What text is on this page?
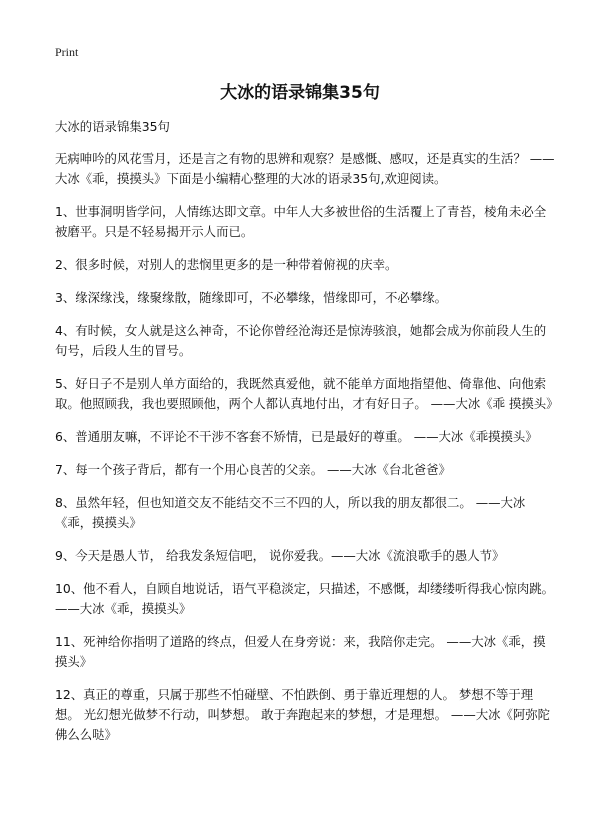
Print
大冰的语录锦集35句

大冰的语录锦集35句

无病呻吟的风花雪月，还是言之有物的思辨和观察？是感慨、感叹，还是真实的生活？ ——大冰《乖，摸摸头》下面是小编精心整理的大冰的语录35句,欢迎阅读。

1、世事洞明皆学问，人情练达即文章。中年人大多被世俗的生活覆上了青苔，棱角未必全被磨平。只是不轻易揭开示人而已。

2、很多时候，对别人的悲悯里更多的是一种带着俯视的庆幸。

3、缘深缘浅，缘聚缘散，随缘即可，不必攀缘，惜缘即可，不必攀缘。

4、有时候，女人就是这么神奇，不论你曾经沧海还是惊涛骇浪，她都会成为你前段人生的句号，后段人生的冒号。

5、好日子不是别人单方面给的，我既然真爱他，就不能单方面地指望他、倚靠他、向他索取。他照顾我，我也要照顾他，两个人都认真地付出，才有好日子。 ——大冰《乖 摸摸头》

6、普通朋友嘛，不评论不干涉不客套不矫情，已是最好的尊重。 ——大冰《乖摸摸头》

7、每一个孩子背后，都有一个用心良苦的父亲。 ——大冰《台北爸爸》

8、虽然年轻，但也知道交友不能结交不三不四的人，所以我的朋友都很二。 ——大冰《乖，摸摸头》

9、今天是愚人节， 给我发条短信吧， 说你爱我。——大冰《流浪歌手的愚人节》

10、他不看人，自顾自地说话，语气平稳淡定，只描述，不感慨，却缕缕听得我心惊肉跳。 ——大冰《乖，摸摸头》

11、死神给你指明了道路的终点，但爱人在身旁说：来，我陪你走完。 ——大冰《乖，摸摸头》

12、真正的尊重，只属于那些不怕碰壁、不怕跌倒、勇于靠近理想的人。 梦想不等于理想。 光幻想光做梦不行动，叫梦想。 敢于奔跑起来的梦想，才是理想。 ——大冰《阿弥陀佛么么哒》
